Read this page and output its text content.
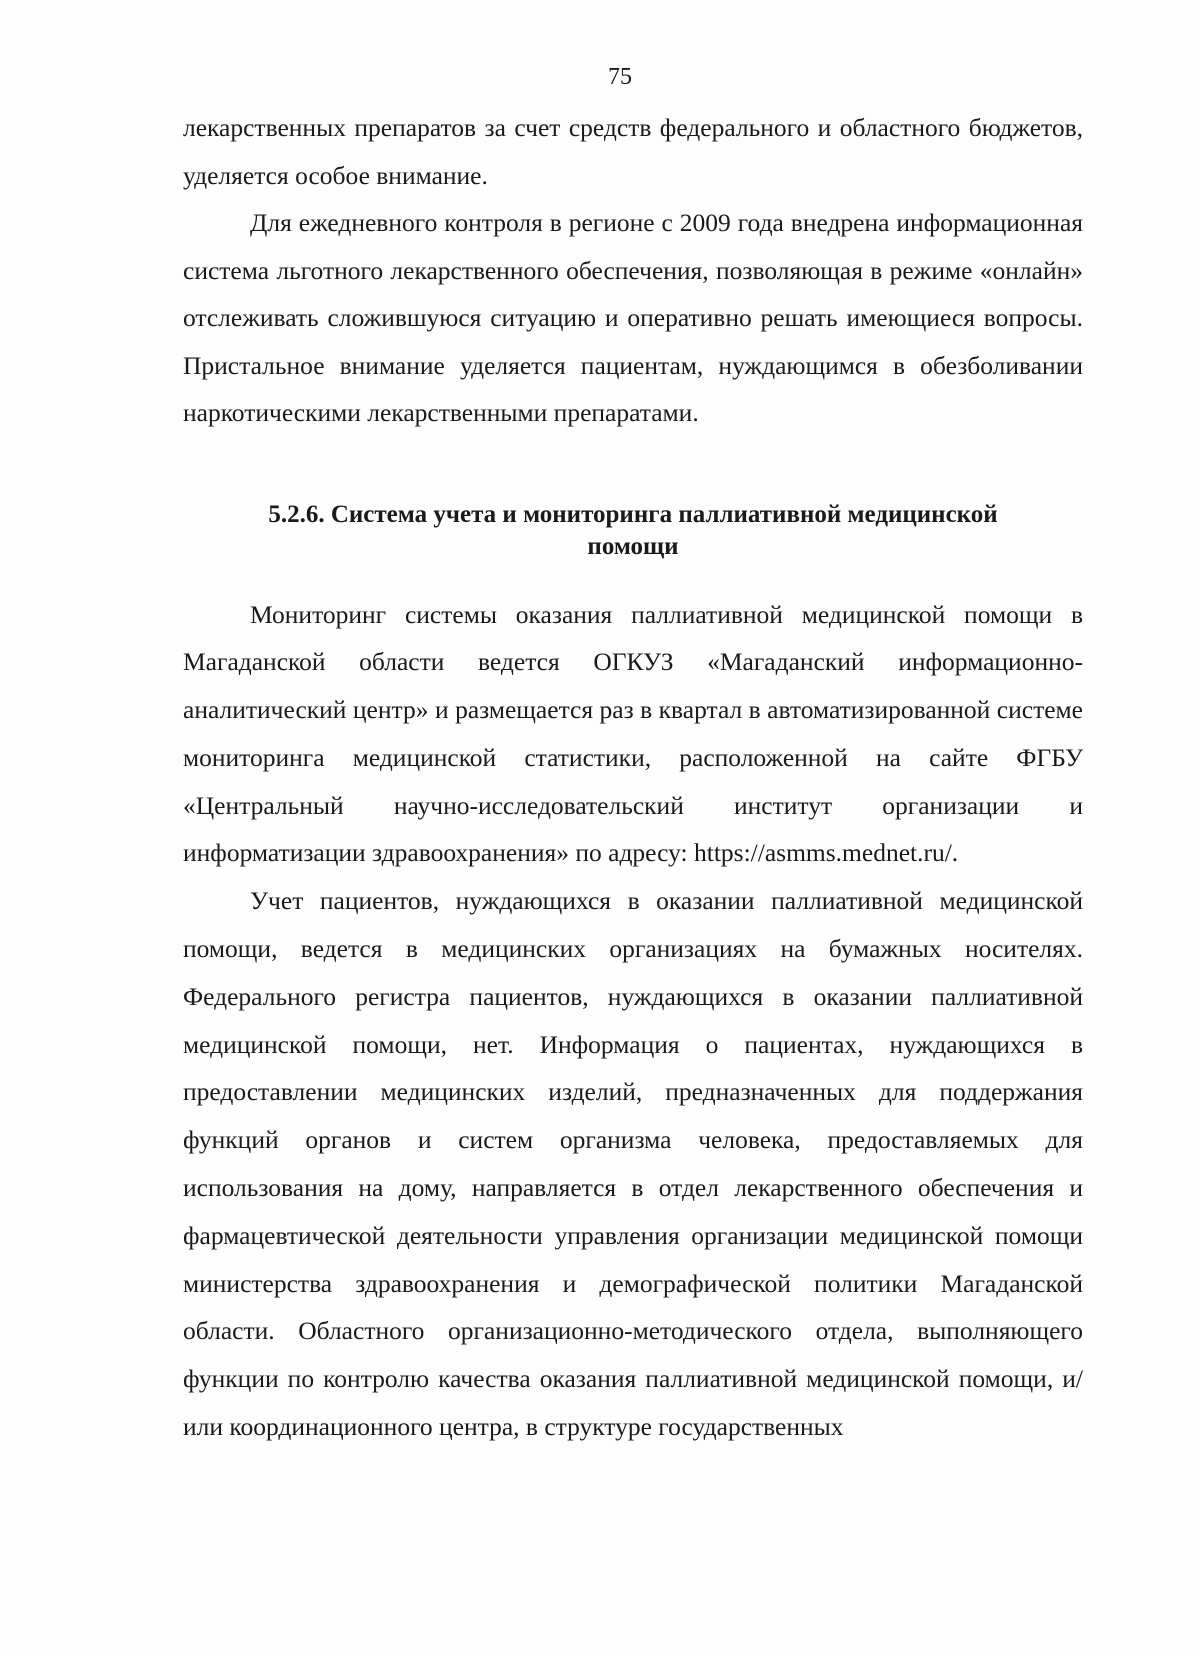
75

лекарственных препаратов за счет средств федерального и областного бюджетов, уделяется особое внимание.

Для ежедневного контроля в регионе с 2009 года внедрена информационная система льготного лекарственного обеспечения, позволяющая в режиме «онлайн» отслеживать сложившуюся ситуацию и оперативно решать имеющиеся вопросы. Пристальное внимание уделяется пациентам, нуждающимся в обезболивании наркотическими лекарственными препаратами.

5.2.6. Система учета и мониторинга паллиативной медицинской
помощи

Мониторинг системы оказания паллиативной медицинской помощи в Магаданской области ведется ОГКУЗ «Магаданский информационно-аналитический центр» и размещается раз в квартал в автоматизированной системе мониторинга медицинской статистики, расположенной на сайте ФГБУ «Центральный научно-исследовательский институт организации и информатизации здравоохранения» по адресу: https://asmms.mednet.ru/.

Учет пациентов, нуждающихся в оказании паллиативной медицинской помощи, ведется в медицинских организациях на бумажных носителях. Федерального регистра пациентов, нуждающихся в оказании паллиативной медицинской помощи, нет. Информация о пациентах, нуждающихся в предоставлении медицинских изделий, предназначенных для поддержания функций органов и систем организма человека, предоставляемых для использования на дому, направляется в отдел лекарственного обеспечения и фармацевтической деятельности управления организации медицинской помощи министерства здравоохранения и демографической политики Магаданской области. Областного организационно-методического отдела, выполняющего функции по контролю качества оказания паллиативной медицинской помощи, и/или координационного центра, в структуре государственных
